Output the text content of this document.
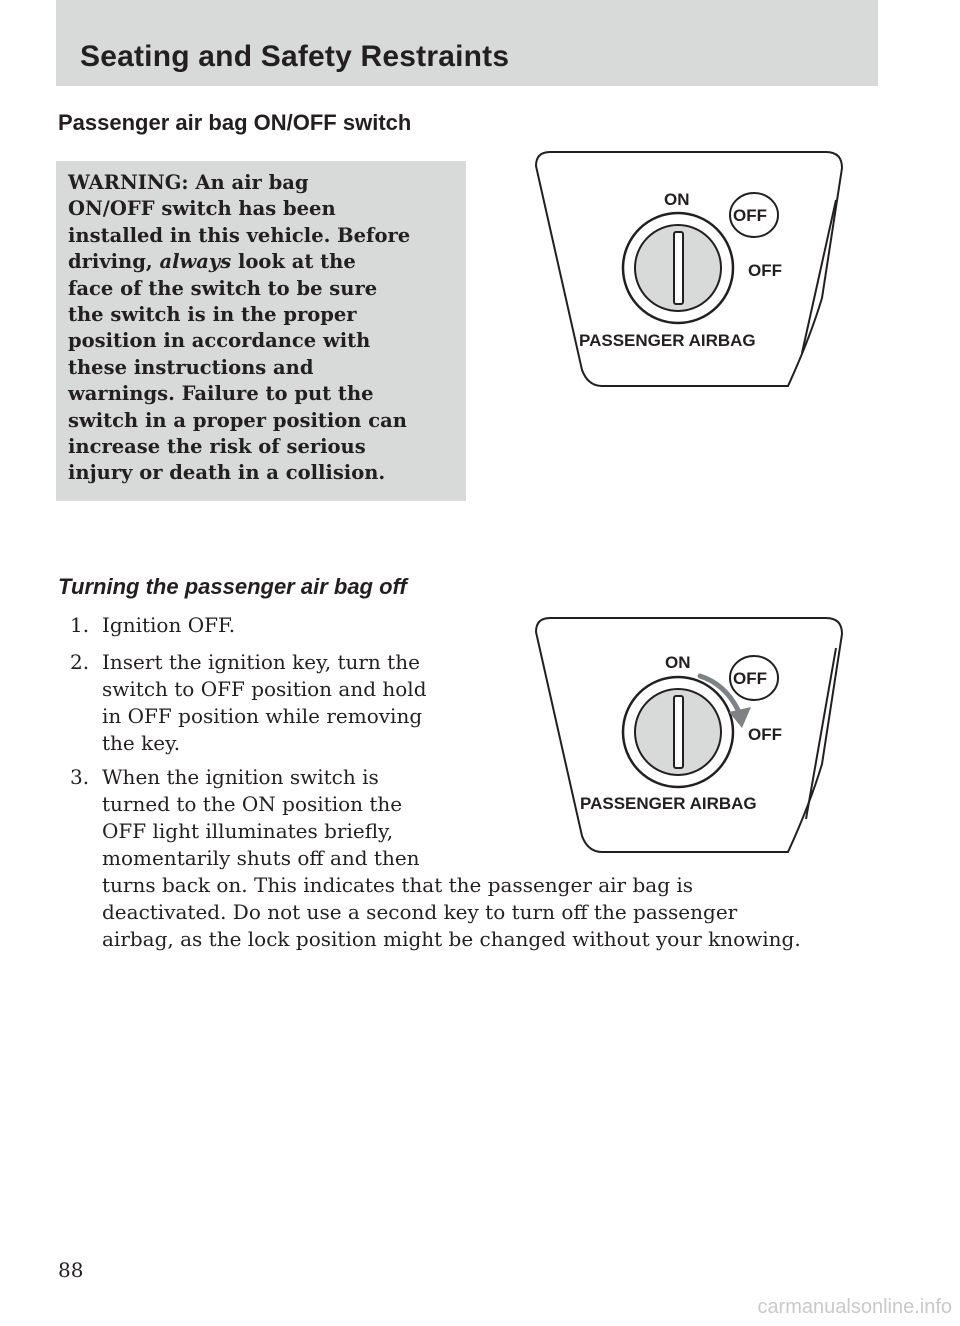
Seating and Safety Restraints
Passenger air bag ON/OFF switch

WARNING: An air bag
ON/OFF switch has been
installed in this vehicle. Before
driving, always look at the
face of the switch to be sure
the switch is in the proper
position in accordance with
these instructions and
warnings. Failure to put the
switch in a proper position can
increase the risk of serious
injury or death in a collision.

ON
OFF
OFF
PASSENGER AIRBAG
Turning the passenger air bag off
1. Ignition OFF.
2. Insert the ignition key, turn the
switch to OFF position and hold
in OFF position while removing
the key.
3. When the ignition switch is
turned to the ON position the
OFF light illuminates briefly,
momentarily shuts off and then
turns back on. This indicates that the passenger air bag is
deactivated. Do not use a second key to turn off the passenger
airbag, as the lock position might be changed without your knowing.
ON
OFF
OFF
PASSENGER AIRBAG

88

carmanualsonline.info
